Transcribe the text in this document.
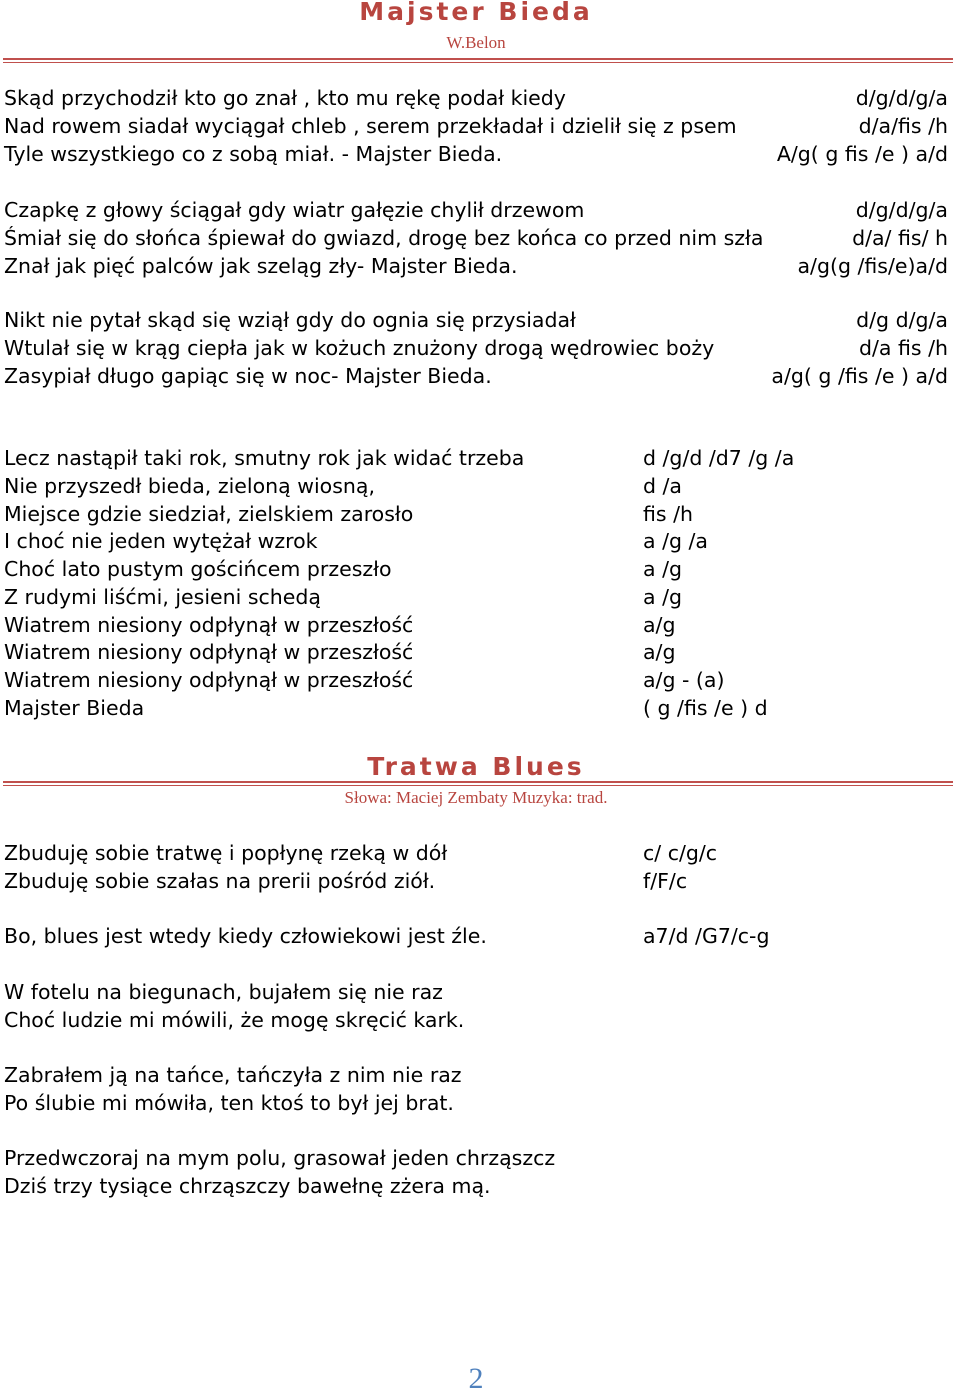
Majster Bieda
W.Belon
Skąd przychodził kto go znał , kto mu rękę podał kiedy	d/g/d/g/a
Nad rowem siadał wyciągał chleb , serem przekładał i dzielił się z psem	d/a/fis /h
Tyle wszystkiego co z sobą miał. - Majster Bieda.	A/g( g fis /e ) a/d
Czapkę z głowy ściągał gdy wiatr gałęzie chylił drzewom	d/g/d/g/a
Śmiał się do słońca śpiewał do gwiazd, drogę bez końca co przed nim szła	d/a/ fis/ h
Znał jak pięć palców jak szeląg zły- Majster Bieda.	a/g(g /fis/e)a/d
Nikt nie pytał skąd się wziął gdy do ognia się przysiadał	d/g d/g/a
Wtulał się w krąg ciepła jak w kożuch znużony drogą wędrowiec boży	d/a fis /h
Zasypiał długo gapiąc się w noc- Majster Bieda.	a/g( g /fis /e ) a/d
Lecz nastąpił taki rok, smutny rok jak widać trzeba	d /g/d /d7 /g /a
Nie przyszedł bieda, zieloną wiosną,	d /a
Miejsce gdzie siedział, zielskiem zarosło	fis /h
I choć nie jeden wytężał wzrok	a /g /a
Choć lato pustym gościńcem przeszło	a /g
Z rudymi liśćmi, jesieni schedą	a /g
Wiatrem niesiony odpłynął w przeszłość	a/g
Wiatrem niesiony odpłynął w przeszłość	a/g
Wiatrem niesiony odpłynął w przeszłość	a/g - (a)
Majster Bieda	( g /fis /e ) d
Tratwa Blues
Słowa: Maciej Zembaty Muzyka: trad.
Zbuduję sobie tratwę i popłynę rzeką w dół	c/ c/g/c
Zbuduję sobie szałas na prerii pośród ziół.	f/F/c
Bo, blues jest wtedy kiedy człowiekowi jest źle.	a7/d /G7/c-g
W fotelu na biegunach, bujałem się nie raz
Choć ludzie mi mówili, że mogę skręcić kark.
Zabrałem ją na tańce, tańczyła z nim nie raz
Po ślubie mi mówiła, ten ktoś to był jej brat.
Przedwczoraj na mym polu, grasował jeden chrząszcz
Dziś trzy tysiące chrząszczy bawełnę zżera mą.
2
